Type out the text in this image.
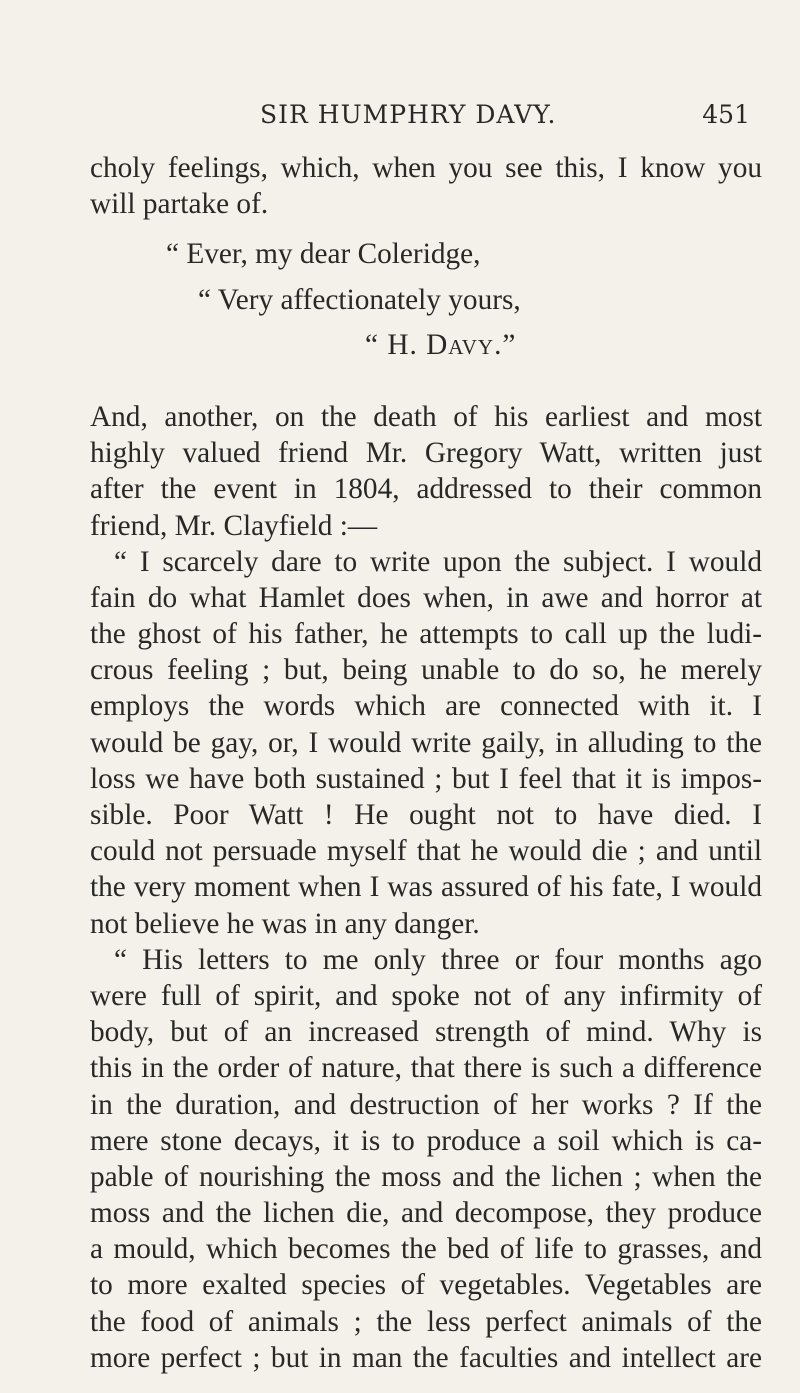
SIR HUMPHRY DAVY.	451
choly feelings, which, when you see this, I know you
will partake of.
“ Ever, my dear Coleridge,
“ Very affectionately yours,
“ H. Davy.”
And, another, on the death of his earliest and most
highly valued friend Mr. Gregory Watt, written just
after the event in 1804, addressed to their common
friend, Mr. Clayfield :—
“ I scarcely dare to write upon the subject. I would
fain do what Hamlet does when, in awe and horror at
the ghost of his father, he attempts to call up the ludi-
crous feeling ; but, being unable to do so, he merely
employs the words which are connected with it. I
would be gay, or, I would write gaily, in alluding to the
loss we have both sustained ; but I feel that it is impos-
sible. Poor Watt ! He ought not to have died. I
could not persuade myself that he would die ; and until
the very moment when I was assured of his fate, I would
not believe he was in any danger.
“ His letters to me only three or four months ago
were full of spirit, and spoke not of any infirmity of
body, but of an increased strength of mind. Why is
this in the order of nature, that there is such a difference
in the duration, and destruction of her works ? If the
mere stone decays, it is to produce a soil which is ca-
pable of nourishing the moss and the lichen ; when the
moss and the lichen die, and decompose, they produce
a mould, which becomes the bed of life to grasses, and
to more exalted species of vegetables. Vegetables are
the food of animals ; the less perfect animals of the
more perfect ; but in man the faculties and intellect are
